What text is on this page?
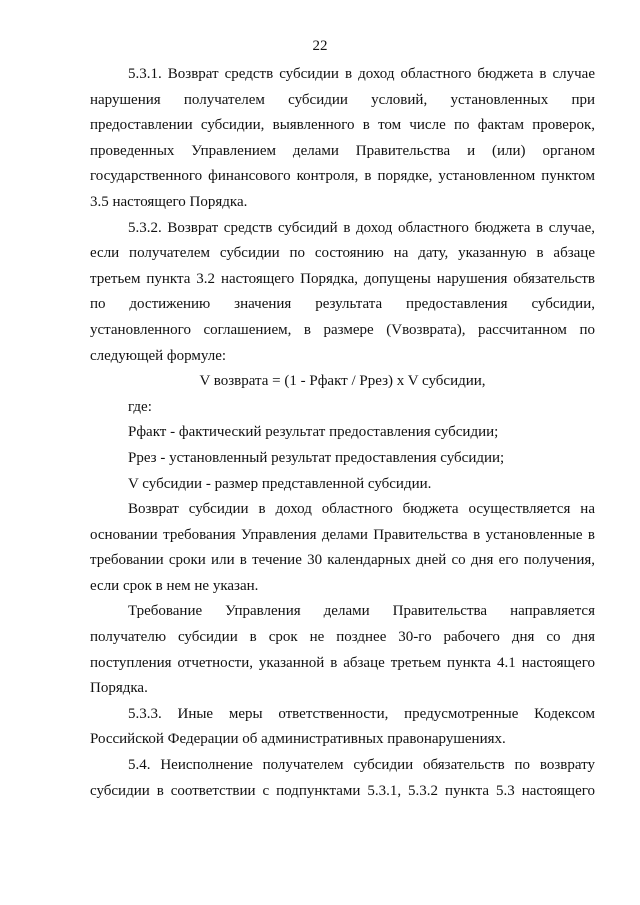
22
5.3.1. Возврат средств субсидии в доход областного бюджета в случае
нарушения получателем субсидии условий, установленных при
предоставлении субсидии, выявленного в том числе по фактам проверок,
проведенных Управлением делами Правительства и (или) органом
государственного финансового контроля, в порядке, установленном пунктом
3.5 настоящего Порядка.
5.3.2. Возврат средств субсидий в доход областного бюджета в случае,
если получателем субсидии по состоянию на дату, указанную в абзаце
третьем пункта 3.2 настоящего Порядка, допущены нарушения обязательств
по достижению значения результата предоставления субсидии,
установленного соглашением, в размере (Vвозврата), рассчитанном по
следующей формуле:
V возврата = (1 - Pфакт / Pрез) x V субсидии,
где:
Pфакт - фактический результат предоставления субсидии;
Pрез - установленный результат предоставления субсидии;
V субсидии - размер представленной субсидии.
Возврат субсидии в доход областного бюджета осуществляется на
основании требования Управления делами Правительства в установленные в
требовании сроки или в течение 30 календарных дней со дня его получения,
если срок в нем не указан.
Требование Управления делами Правительства направляется
получателю субсидии в срок не позднее 30-го рабочего дня со дня
поступления отчетности, указанной в абзаце третьем пункта 4.1 настоящего
Порядка.
5.3.3. Иные меры ответственности, предусмотренные Кодексом
Российской Федерации об административных правонарушениях.
5.4. Неисполнение получателем субсидии обязательств по возврату
субсидии в соответствии с подпунктами 5.3.1, 5.3.2 пункта 5.3 настоящего
